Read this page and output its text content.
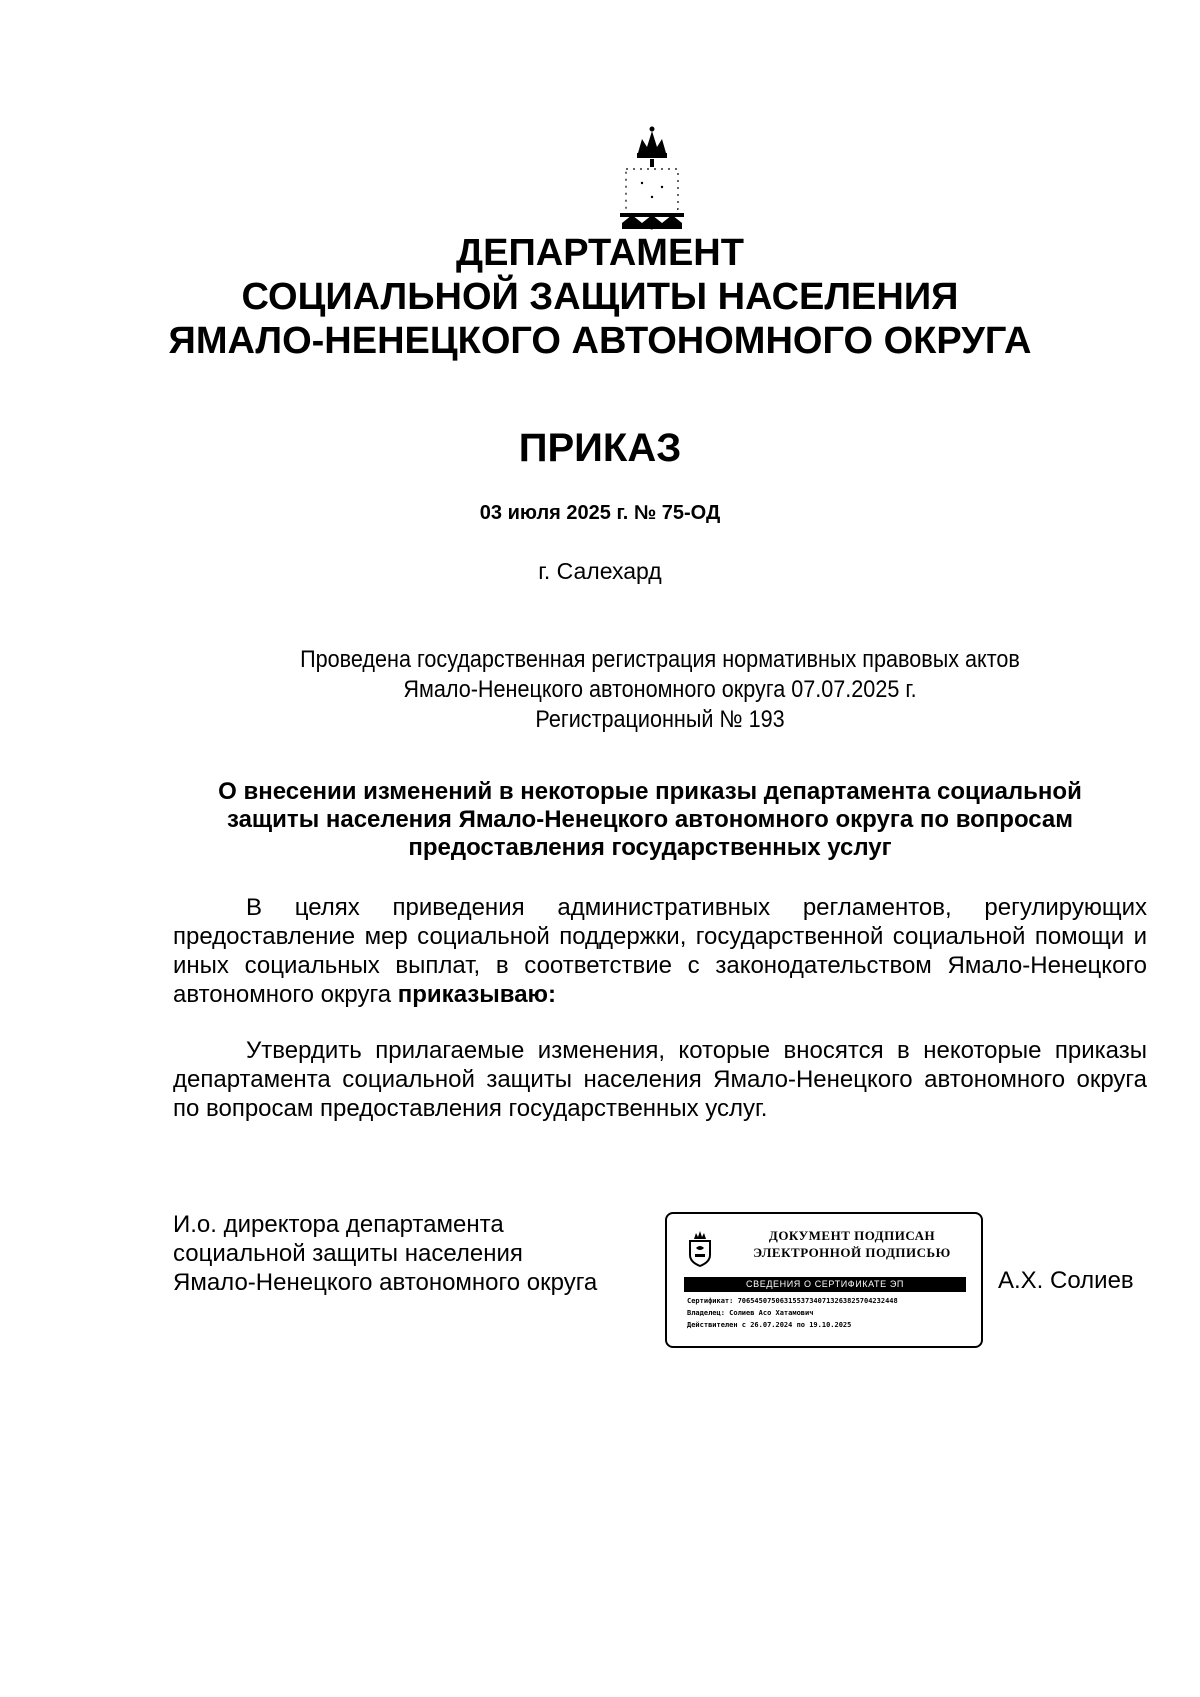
ДЕПАРТАМЕНТ
СОЦИАЛЬНОЙ ЗАЩИТЫ НАСЕЛЕНИЯ
ЯМАЛО-НЕНЕЦКОГО АВТОНОМНОГО ОКРУГА
ПРИКАЗ
03 июля 2025 г. № 75-ОД
г. Салехард
Проведена государственная регистрация нормативных правовых актов
Ямало-Ненецкого автономного округа 07.07.2025 г.
Регистрационный № 193
О внесении изменений в некоторые приказы департамента социальной
защиты населения Ямало-Ненецкого автономного округа по вопросам
предоставления государственных услуг

В целях приведения административных регламентов, регулирующих предоставление мер социальной поддержки, государственной социальной помощи и иных социальных выплат, в соответствие с законодательством Ямало-Ненецкого автономного округа приказываю:

Утвердить прилагаемые изменения, которые вносятся в некоторые приказы департамента социальной защиты населения Ямало-Ненецкого автономного округа по вопросам предоставления государственных услуг.

И.о. директора департамента
социальной защиты населения
Ямало-Ненецкого автономного округа
ДОКУМЕНТ ПОДПИСАН
ЭЛЕКТРОННОЙ ПОДПИСЬЮ
СВЕДЕНИЯ О СЕРТИФИКАТЕ ЭП
Сертификат: 70654507506315537340713263825704232448
Владелец: Солиев Асо Хатамович
Действителен с 26.07.2024 по 19.10.2025
А.Х. Солиев
